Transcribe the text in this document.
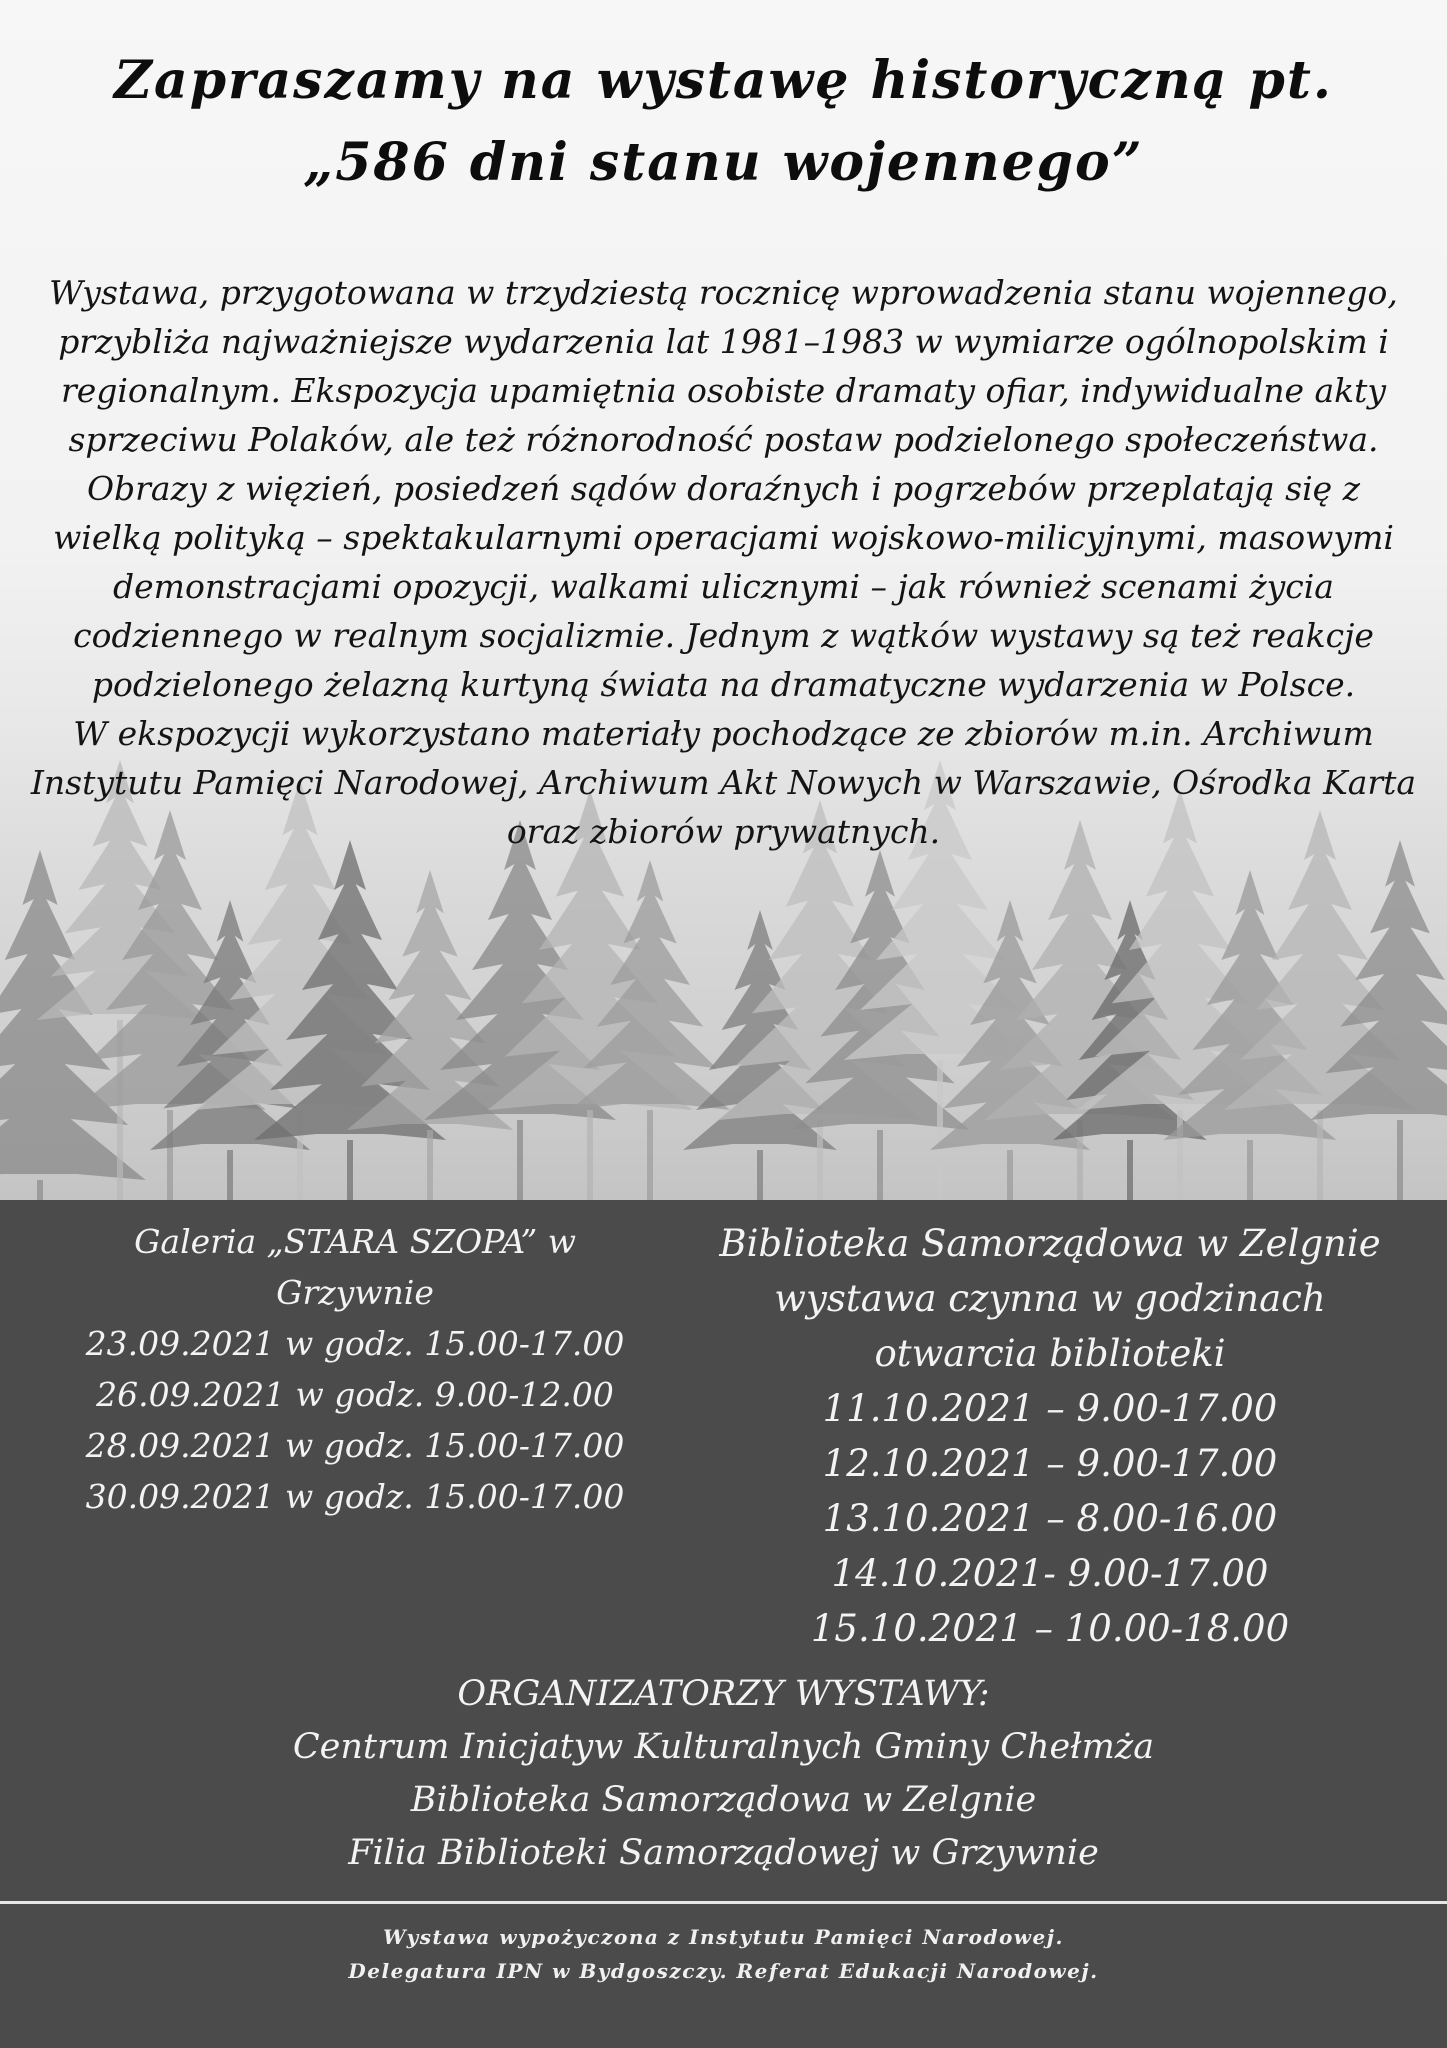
Zapraszamy na wystawę historyczną pt.
„586 dni stanu wojennego”

Wystawa, przygotowana w trzydziestą rocznicę wprowadzenia stanu wojennego, przybliża najważniejsze wydarzenia lat 1981–1983 w wymiarze ogólnopolskim i regionalnym. Ekspozycja upamiętnia osobiste dramaty ofiar, indywidualne akty sprzeciwu Polaków, ale też różnorodność postaw podzielonego społeczeństwa. Obrazy z więzień, posiedzeń sądów doraźnych i pogrzebów przeplatają się z wielką polityką – spektakularnymi operacjami wojskowo-milicyjnymi, masowymi demonstracjami opozycji, walkami ulicznymi – jak również scenami życia codziennego w realnym socjalizmie. Jednym z wątków wystawy są też reakcje podzielonego żelazną kurtyną świata na dramatyczne wydarzenia w Polsce.

W ekspozycji wykorzystano materiały pochodzące ze zbiorów m.in. Archiwum Instytutu Pamięci Narodowej, Archiwum Akt Nowych w Warszawie, Ośrodka Karta oraz zbiorów prywatnych.

Galeria „STARA SZOPA” w
Grzywnie
23.09.2021 w godz. 15.00-17.00
26.09.2021 w godz. 9.00-12.00
28.09.2021 w godz. 15.00-17.00
30.09.2021 w godz. 15.00-17.00
Biblioteka Samorządowa w Zelgnie
wystawa czynna w godzinach
otwarcia biblioteki
11.10.2021 – 9.00-17.00
12.10.2021 – 9.00-17.00
13.10.2021 – 8.00-16.00
14.10.2021- 9.00-17.00
15.10.2021 – 10.00-18.00
ORGANIZATORZY WYSTAWY:
Centrum Inicjatyw Kulturalnych Gminy Chełmża
Biblioteka Samorządowa w Zelgnie
Filia Biblioteki Samorządowej w Grzywnie
Wystawa wypożyczona z Instytutu Pamięci Narodowej.
Delegatura IPN w Bydgoszczy. Referat Edukacji Narodowej.
